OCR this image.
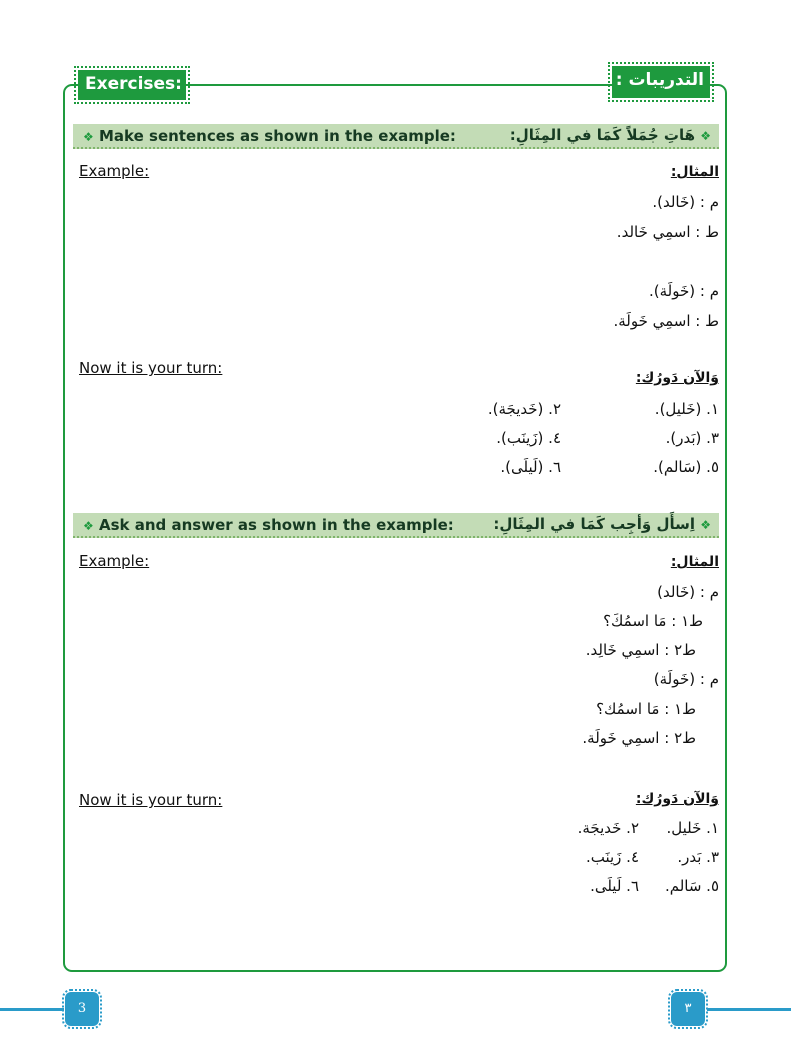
Exercises:	التدريبات :
❖ Make sentences as shown in the example:	❖ هَاتِ جُمَلاً كَمَا في المِثَالِ:
Example:	المثال:
م : (خَالد).
ط : اسمِي خَالد.
م : (خَولَة).
ط : اسمِي خَولَة.
Now it is your turn:
وَالآن دَورُك:
١. (خَليل).
٢. (خَديجَة).
٣. (بَدر).
٤. (زَينَب).
٥. (سَالم).
٦. (لَيلَى).
❖ Ask and answer as shown in the example:	❖ اِسأَل وَأجِب كَمَا في المِثَالِ:
Example:	المثال:
م : (خَالد)
ط١ : مَا اسمُكَ؟
ط٢ : اسمِي خَالِد.
م : (خَولَة)
ط١ : مَا اسمُك؟
ط٢ : اسمِي خَولَة.
Now it is your turn:	وَالآن دَورُك:
١. خَليل.
٢. خَديجَة.
٣. بَدر.
٤. زَينَب.
٥. سَالم.
٦. لَيلَى.
3	٣
